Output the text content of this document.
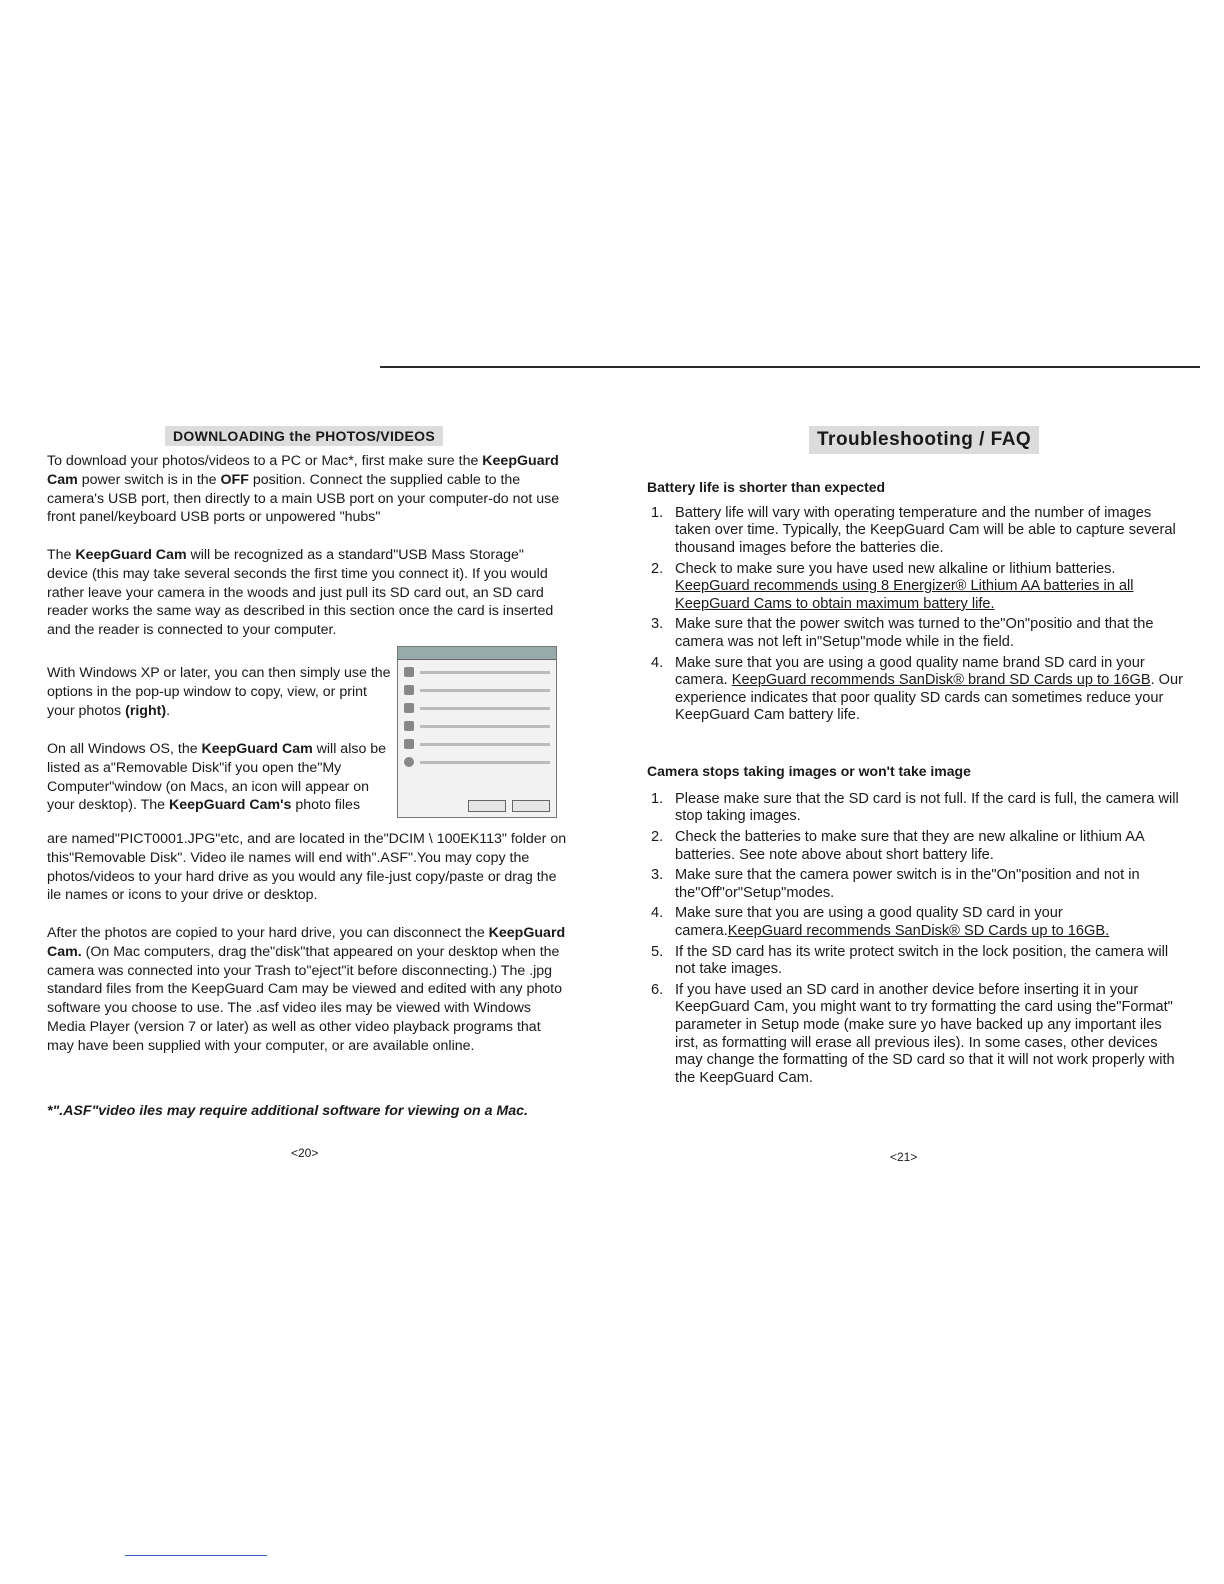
DOWNLOADING the PHOTOS/VIDEOS

To download your photos/videos to a PC or Mac*, first make sure the KeepGuard Cam power switch is in the OFF position. Connect the supplied cable to the camera's USB port, then directly to a main USB port on your computer-do not use front panel/keyboard USB ports or unpowered "hubs"

The KeepGuard Cam will be recognized as a standard"USB Mass Storage" device (this may take several seconds the first time you connect it). If you would rather leave your camera in the woods and just pull its SD card out, an SD card reader works the same way as described in this section once the card is inserted and the reader is connected to your computer.

With Windows XP or later, you can then simply use the options in the pop-up window to copy, view, or print your photos (right).

On all Windows OS, the KeepGuard Cam will also be listed as a"Removable Disk"if you open the"My Computer"window (on Macs, an icon will appear on your desktop). The KeepGuard Cam's photo files

are named"PICT0001.JPG"etc, and are located in the"DCIM \ 100EK113" folder on this"Removable Disk". Video ile names will end with".ASF".You may copy the photos/videos to your hard drive as you would any file-just copy/paste or drag the ile names or icons to your drive or desktop.

After the photos are copied to your hard drive, you can disconnect the KeepGuard Cam. (On Mac computers, drag the"disk"that appeared on your desktop when the camera was connected into your Trash to"eject"it before disconnecting.) The .jpg standard files from the KeepGuard Cam may be viewed and edited with any photo software you choose to use. The .asf video iles may be viewed with Windows Media Player (version 7 or later) as well as other video playback programs that may have been supplied with your computer, or are available online.

*".ASF"video iles may require additional software for viewing on a Mac.

<20>
Troubleshooting / FAQ

Battery life is shorter than expected

1. Battery life will vary with operating temperature and the number of images taken over time. Typically, the KeepGuard Cam will be able to capture several thousand images before the batteries die.
2. Check to make sure you have used new alkaline or lithium batteries. KeepGuard recommends using 8 Energizer® Lithium AA batteries in all KeepGuard Cams to obtain maximum battery life.
3. Make sure that the power switch was turned to the"On"positio and that the camera was not left in"Setup"mode while in the field.
4. Make sure that you are using a good quality name brand SD card in your camera. KeepGuard recommends SanDisk® brand SD Cards up to 16GB. Our experience indicates that poor quality SD cards can sometimes reduce your KeepGuard Cam battery life.

Camera stops taking images or won't take image

1. Please make sure that the SD card is not full. If the card is full, the camera will stop taking images.
2. Check the batteries to make sure that they are new alkaline or lithium AA batteries. See note above about short battery life.
3. Make sure that the camera power switch is in the"On"position and not in the"Off"or"Setup"modes.
4. Make sure that you are using a good quality SD card in your camera.KeepGuard recommends SanDisk® SD Cards up to 16GB.
5. If the SD card has its write protect switch in the lock position, the camera will not take images.
6. If you have used an SD card in another device before inserting it in your KeepGuard Cam, you might want to try formatting the card using the"Format" parameter in Setup mode (make sure yo have backed up any important iles irst, as formatting will erase all previous iles). In some cases, other devices may change the formatting of the SD card so that it will not work properly with the KeepGuard Cam.
<21>
